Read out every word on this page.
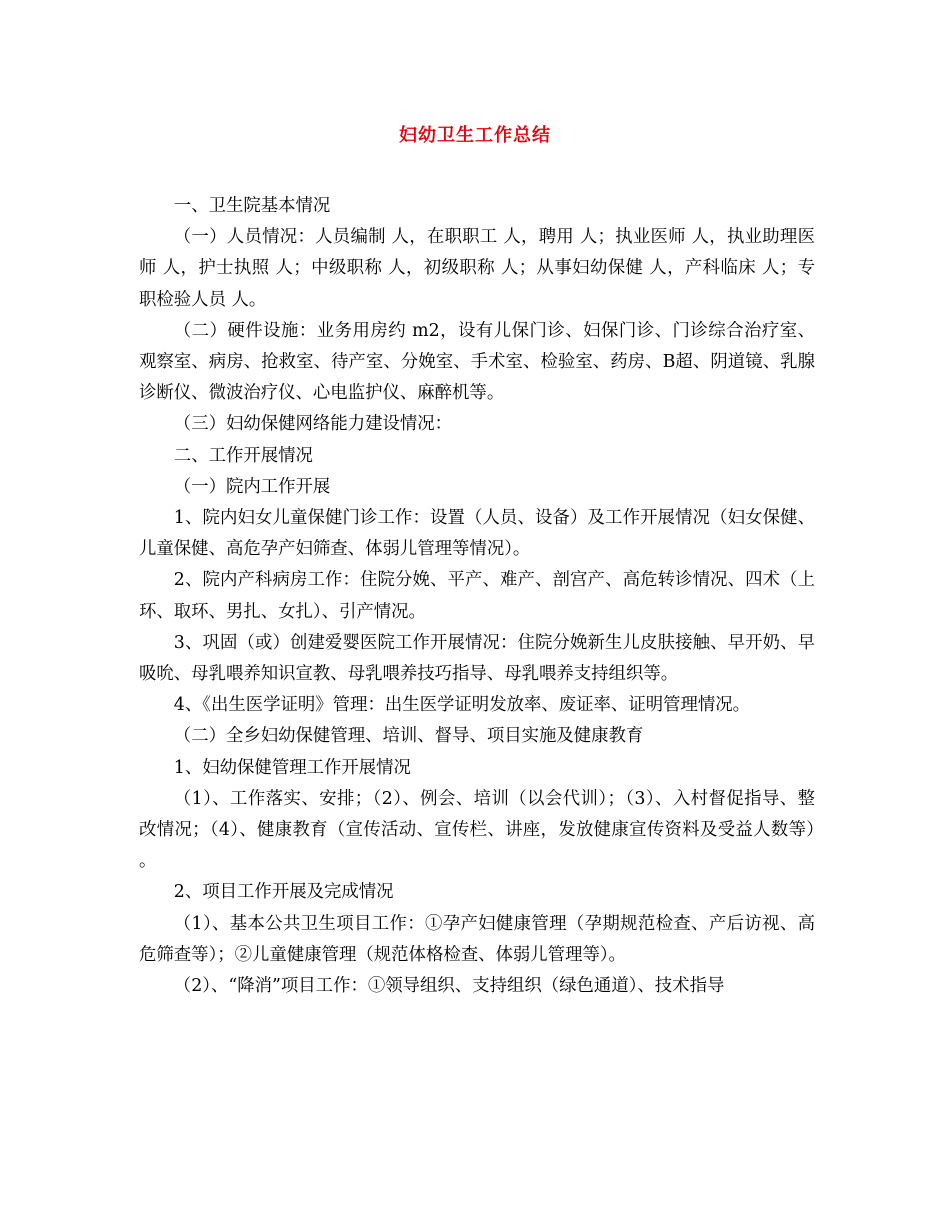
妇幼卫生工作总结

一、卫生院基本情况

（一）人员情况：人员编制 人，在职职工 人，聘用 人；执业医师 人，执业助理医师 人，护士执照 人；中级职称 人，初级职称 人；从事妇幼保健 人，产科临床 人；专职检验人员 人。

（二）硬件设施：业务用房约 m2，设有儿保门诊、妇保门诊、门诊综合治疗室、观察室、病房、抢救室、待产室、分娩室、手术室、检验室、药房、B超、阴道镜、乳腺诊断仪、微波治疗仪、心电监护仪、麻醉机等。

（三）妇幼保健网络能力建设情况：

二、工作开展情况

（一）院内工作开展

1、院内妇女儿童保健门诊工作：设置（人员、设备）及工作开展情况（妇女保健、儿童保健、高危孕产妇筛查、体弱儿管理等情况）。

2、院内产科病房工作：住院分娩、平产、难产、剖宫产、高危转诊情况、四术（上环、取环、男扎、女扎）、引产情况。

3、巩固（或）创建爱婴医院工作开展情况：住院分娩新生儿皮肤接触、早开奶、早吸吮、母乳喂养知识宣教、母乳喂养技巧指导、母乳喂养支持组织等。

4、《出生医学证明》管理：出生医学证明发放率、废证率、证明管理情况。

（二）全乡妇幼保健管理、培训、督导、项目实施及健康教育

1、妇幼保健管理工作开展情况

（1）、工作落实、安排；（2）、例会、培训（以会代训）；（3）、入村督促指导、整改情况；（4）、健康教育（宣传活动、宣传栏、讲座，发放健康宣传资料及受益人数等）。

2、项目工作开展及完成情况

（1）、基本公共卫生项目工作：①孕产妇健康管理（孕期规范检查、产后访视、高危筛查等）；②儿童健康管理（规范体格检查、体弱儿管理等）。

（2）、“降消”项目工作：①领导组织、支持组织（绿色通道）、技术指导
